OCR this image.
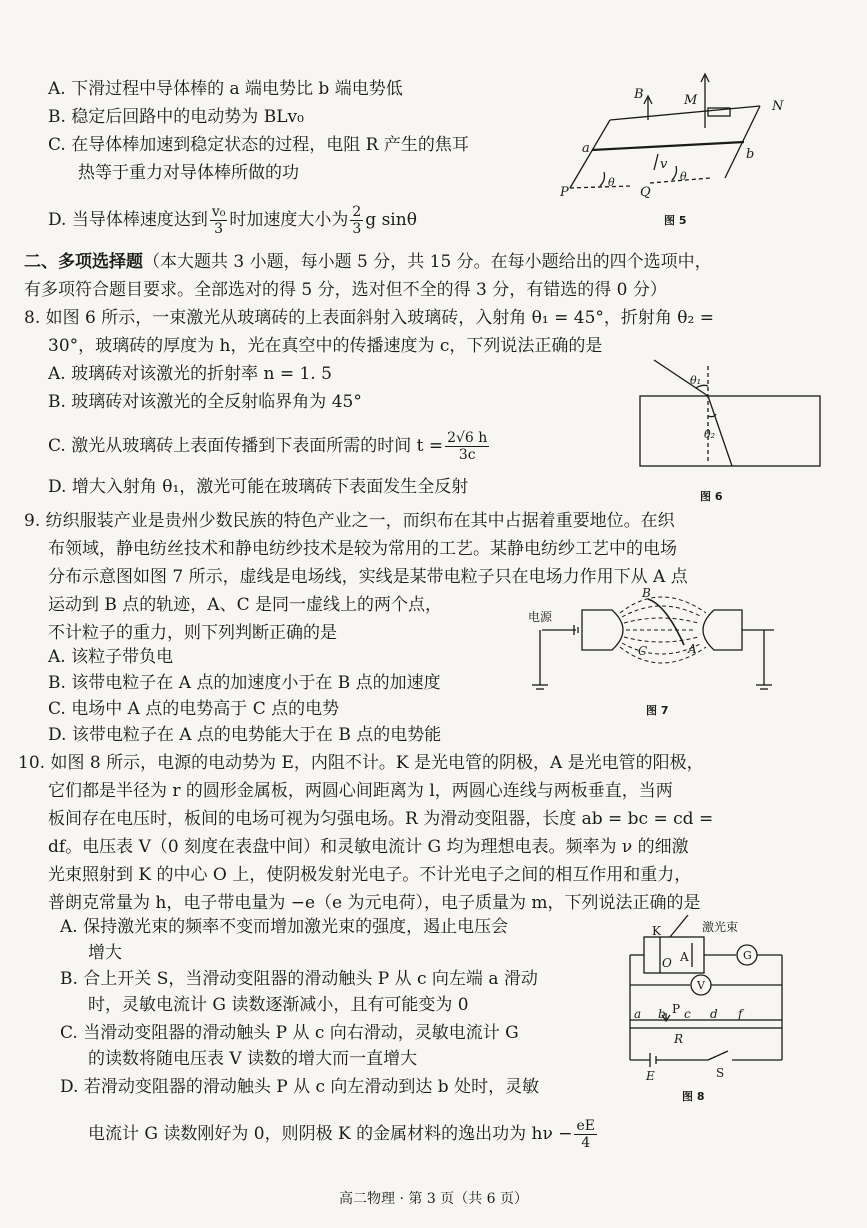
A. 下滑过程中导体棒的 a 端电势比 b 端电势低
B. 稳定后回路中的电动势为 BLv₀
C. 在导体棒加速到稳定状态的过程，电阻 R 产生的焦耳
热等于重力对导体棒所做的功
D. 当导体棒速度达到 $\frac{\text{v₀}}{3}$ 时加速度大小为 $\frac{2}{3}$ g sinθ
B	M	N
a	b
v
P	Q
θ	θ
图 5
二、多项选择题（本大题共 3 小题，每小题 5 分，共 15 分。在每小题给出的四个选项中，
有多项符合题目要求。全部选对的得 5 分，选对但不全的得 3 分，有错选的得 0 分）
8. 如图 6 所示，一束激光从玻璃砖的上表面斜射入玻璃砖，入射角 θ₁ = 45°，折射角 θ₂ =
30°，玻璃砖的厚度为 h，光在真空中的传播速度为 c，下列说法正确的是
A. 玻璃砖对该激光的折射率 n = 1. 5
B. 玻璃砖对该激光的全反射临界角为 45°
C. 激光从玻璃砖上表面传播到下表面所需的时间 $t = \frac{2√6 h}{3c}$
D. 增大入射角 θ₁，激光可能在玻璃砖下表面发生全反射
θ₁
θ₂
图 6
9. 纺织服装产业是贵州少数民族的特色产业之一，而织布在其中占据着重要地位。在织
布领域，静电纺丝技术和静电纺纱技术是较为常用的工艺。某静电纺纱工艺中的电场
分布示意图如图 7 所示，虚线是电场线，实线是某带电粒子只在电场力作用下从 A 点
运动到 B 点的轨迹，A、C 是同一虚线上的两个点，
不计粒子的重力，则下列判断正确的是
A. 该粒子带负电
B. 该带电粒子在 A 点的加速度小于在 B 点的加速度
C. 电场中 A 点的电势高于 C 点的电势
D. 该带电粒子在 A 点的电势能大于在 B 点的电势能
B
C	A
电源
图 7
10. 如图 8 所示，电源的电动势为 E，内阻不计。K 是光电管的阴极，A 是光电管的阳极，
它们都是半径为 r 的圆形金属板，两圆心间距离为 l，两圆心连线与两板垂直，当两
板间存在电压时，板间的电场可视为匀强电场。R 为滑动变阻器，长度 ab = bc = cd =
df。电压表 V（0 刻度在表盘中间）和灵敏电流计 G 均为理想电表。频率为 ν 的细激
光束照射到 K 的中心 O 上，使阴极发射光电子。不计光电子之间的相互作用和重力，
普朗克常量为 h，电子带电量为 −e（e 为元电荷），电子质量为 m，下列说法正确的是
A. 保持激光束的频率不变而增加激光束的强度，遏止电压会
增大
B. 合上开关 S，当滑动变阻器的滑动触头 P 从 c 向左端 a 滑动
时，灵敏电流计 G 读数逐渐减小，且有可能变为 0
C. 当滑动变阻器的滑动触头 P 从 c 向右滑动，灵敏电流计 G
的读数将随电压表 V 读数的增大而一直增大
D. 若滑动变阻器的滑动触头 P 从 c 向左滑动到达 b 处时，灵敏
电流计 G 读数刚好为 0，则阴极 K 的金属材料的逸出功为 $h\nu - \frac{eE}{4}$
K
O A	G
V
P
a b c d f
R
E	S
激光束
图 8
高二物理 · 第 3 页（共 6 页）
